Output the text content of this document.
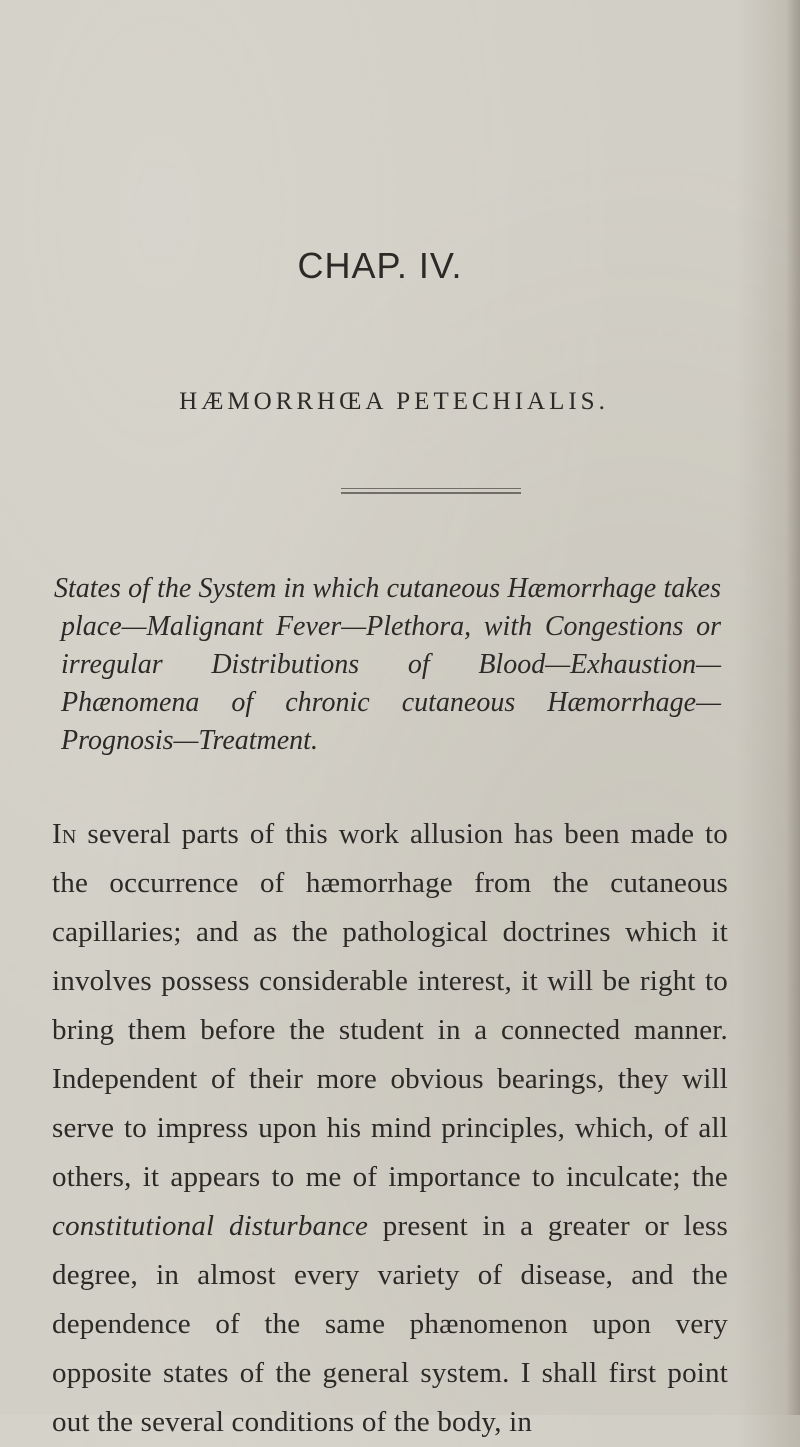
CHAP. IV.
HÆMORRHŒA PETECHIALIS.
States of the System in which cutaneous Hæmorrhage takes place—Malignant Fever—Plethora, with Congestions or irregular Distributions of Blood—Exhaustion—Phænomena of chronic cutaneous Hæmorrhage—Prognosis—Treatment.
In several parts of this work allusion has been made to the occurrence of hæmorrhage from the cutaneous capillaries; and as the pathological doctrines which it involves possess considerable interest, it will be right to bring them before the student in a connected manner. Independent of their more obvious bearings, they will serve to impress upon his mind principles, which, of all others, it appears to me of importance to inculcate; the constitutional disturbance present in a greater or less degree, in almost every variety of disease, and the dependence of the same phænomenon upon very opposite states of the general system. I shall first point out the several conditions of the body, in
